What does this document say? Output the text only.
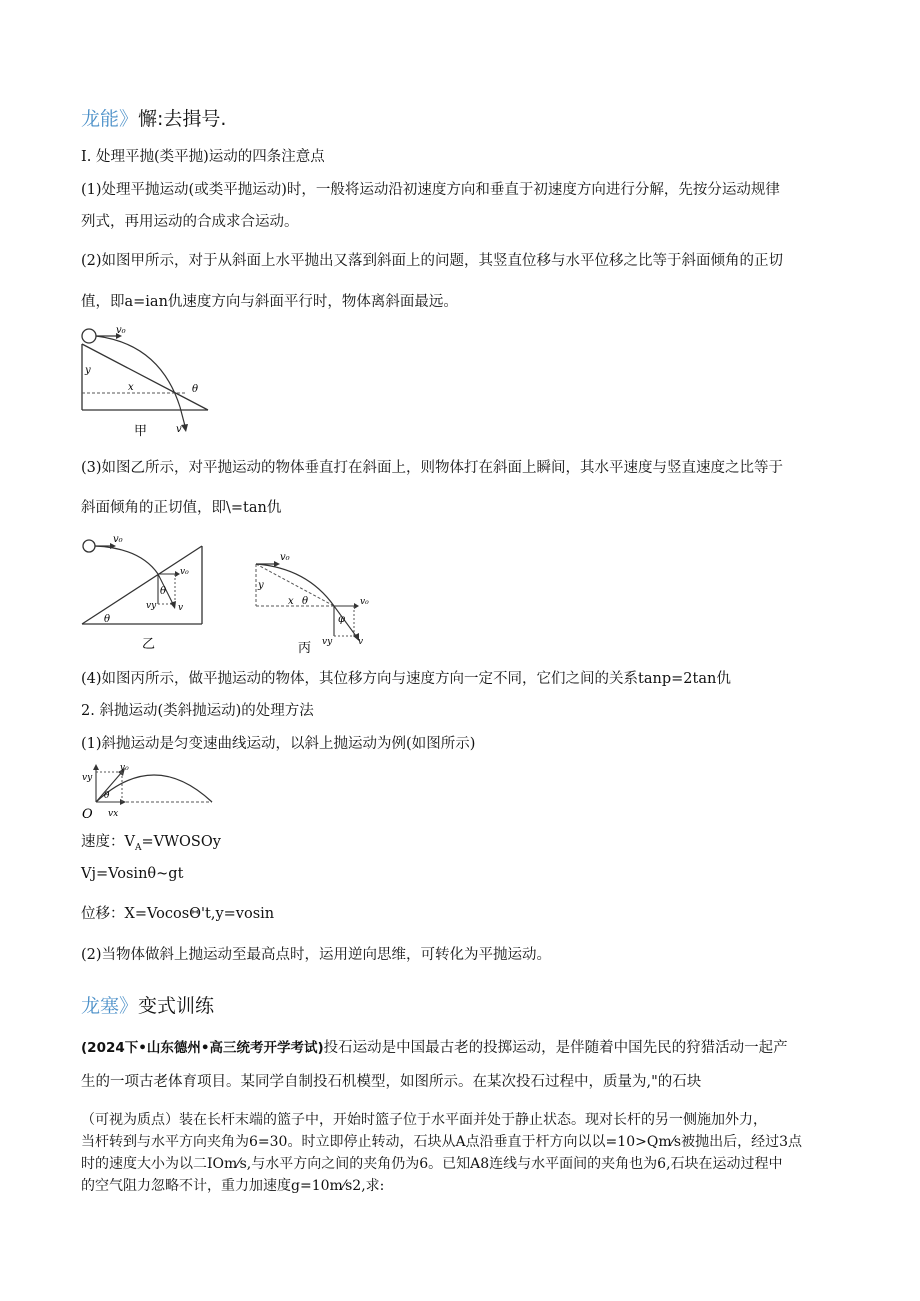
龙能》懈:去揖号.
I. 处理平抛(类平抛)运动的四条注意点
(1)处理平抛运动(或类平抛运动)时，一般将运动沿初速度方向和垂直于初速度方向进行分解，先按分运动规律
列式，再用运动的合成求合运动。
(2)如图甲所示，对于从斜面上水平抛出又落到斜面上的问题，其竖直位移与水平位移之比等于斜面倾角的正切
值，即a=ian仇速度方向与斜面平行时，物体离斜面最远。
v₀
y
x	θ
v
甲
(3)如图乙所示，对平抛运动的物体垂直打在斜面上，则物体打在斜面上瞬间，其水平速度与竖直速度之比等于
斜面倾角的正切值，即\=tan仇
v₀
v₀
θ
vy v
θ
乙
v₀
v₀
y
x θ
φ
vy	v
丙
(4)如图丙所示，做平抛运动的物体，其位移方向与速度方向一定不同，它们之间的关系tanp=2tan仇
2. 斜抛运动(类斜抛运动)的处理方法
(1)斜抛运动是匀变速曲线运动，以斜上抛运动为例(如图所示)
vy
v₀
θ
O vx
速度：$V_A=VWOSOy$
Vj=Vosinθ~gt
位移：X=VocosΘ't,y=vosin
(2)当物体做斜上抛运动至最高点时，运用逆向思维，可转化为平抛运动。
龙塞》变式训练
(2024下•山东德州•高三统考开学考试)投石运动是中国最古老的投掷运动，是伴随着中国先民的狩猎活动一起产
生的一项古老体育项目。某同学自制投石机模型，如图所示。在某次投石过程中，质量为,"的石块
（可视为质点）装在长杆末端的篮子中，开始时篮子位于水平面并处于静止状态。现对长杆的另一侧施加外力，
当杆转到与水平方向夹角为6=30。时立即停止转动，石块从A点沿垂直于杆方向以以=10>Qm⁄s被抛出后，经过3点
时的速度大小为以二IOm⁄s,与水平方向之间的夹角仍为6。已知A8连线与水平面间的夹角也为6,石块在运动过程中
的空气阻力忽略不计，重力加速度g=10m⁄s2,求:
